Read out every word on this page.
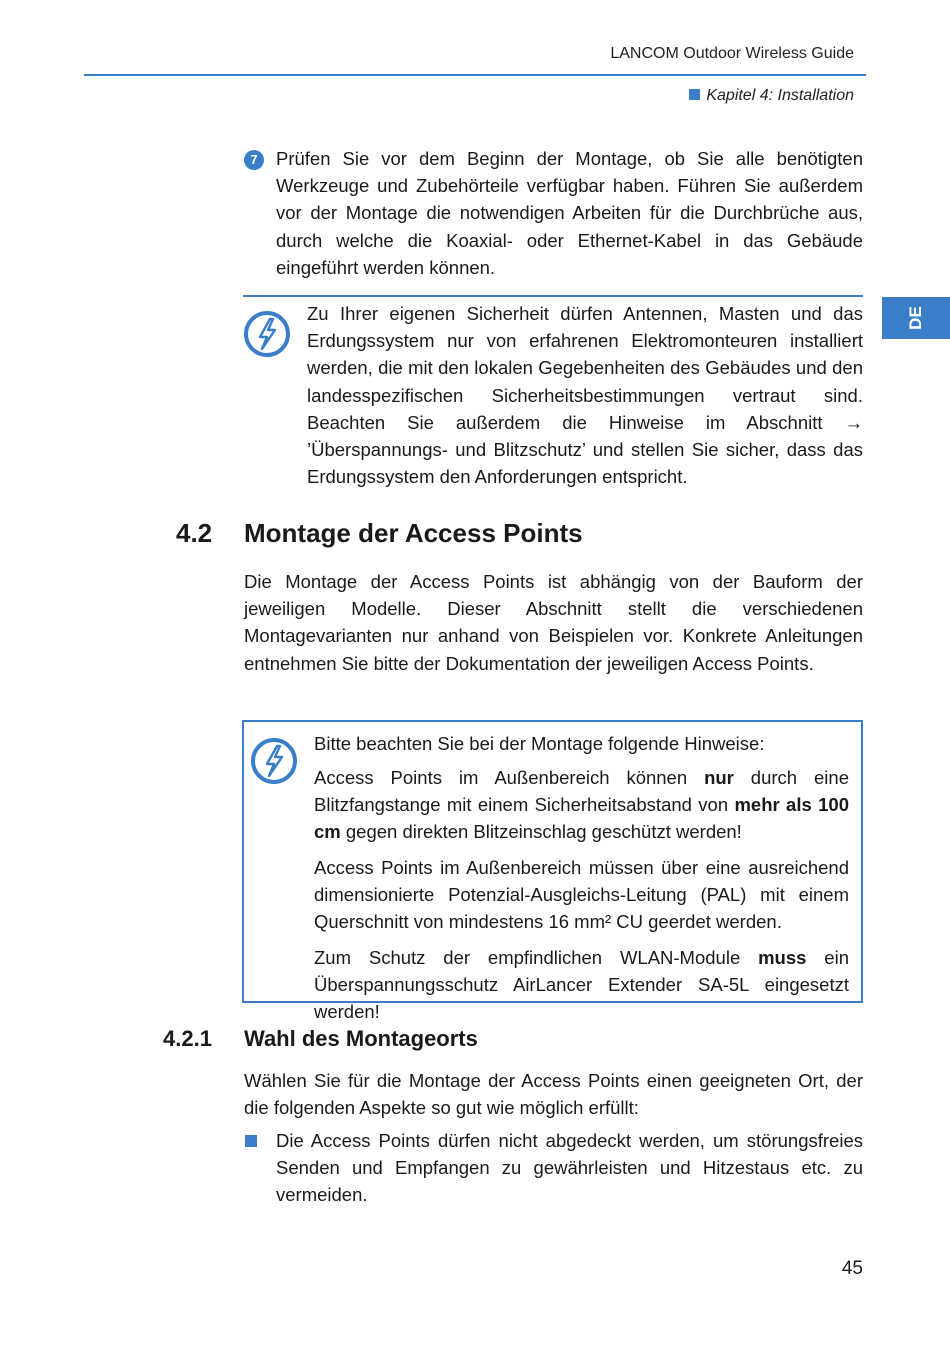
LANCOM Outdoor Wireless Guide
Kapitel 4: Installation
DE
7 Prüfen Sie vor dem Beginn der Montage, ob Sie alle benötigten Werkzeuge und Zubehörteile verfügbar haben. Führen Sie außerdem vor der Montage die notwendigen Arbeiten für die Durchbrüche aus, durch welche die Koaxial- oder Ethernet-Kabel in das Gebäude eingeführt werden können.
Zu Ihrer eigenen Sicherheit dürfen Antennen, Masten und das Erdungssystem nur von erfahrenen Elektromonteuren installiert werden, die mit den lokalen Gegebenheiten des Gebäudes und den landesspezifischen Sicherheitsbestimmungen vertraut sind. Beachten Sie außerdem die Hinweise im Abschnitt → ’Überspannungs- und Blitzschutz’ und stellen Sie sicher, dass das Erdungssystem den Anforderungen entspricht.
4.2 Montage der Access Points
Die Montage der Access Points ist abhängig von der Bauform der jeweiligen Modelle. Dieser Abschnitt stellt die verschiedenen Montagevarianten nur anhand von Beispielen vor. Konkrete Anleitungen entnehmen Sie bitte der Dokumentation der jeweiligen Access Points.
Bitte beachten Sie bei der Montage folgende Hinweise:
Access Points im Außenbereich können nur durch eine Blitzfangstange mit einem Sicherheitsabstand von mehr als 100 cm gegen direkten Blitzeinschlag geschützt werden!
Access Points im Außenbereich müssen über eine ausreichend dimensionierte Potenzial-Ausgleichs-Leitung (PAL) mit einem Querschnitt von mindestens 16 mm² CU geerdet werden.
Zum Schutz der empfindlichen WLAN-Module muss ein Überspannungsschutz AirLancer Extender SA-5L eingesetzt werden!
4.2.1 Wahl des Montageorts
Wählen Sie für die Montage der Access Points einen geeigneten Ort, der die folgenden Aspekte so gut wie möglich erfüllt:
Die Access Points dürfen nicht abgedeckt werden, um störungsfreies Senden und Empfangen zu gewährleisten und Hitzestaus etc. zu vermeiden.
45
